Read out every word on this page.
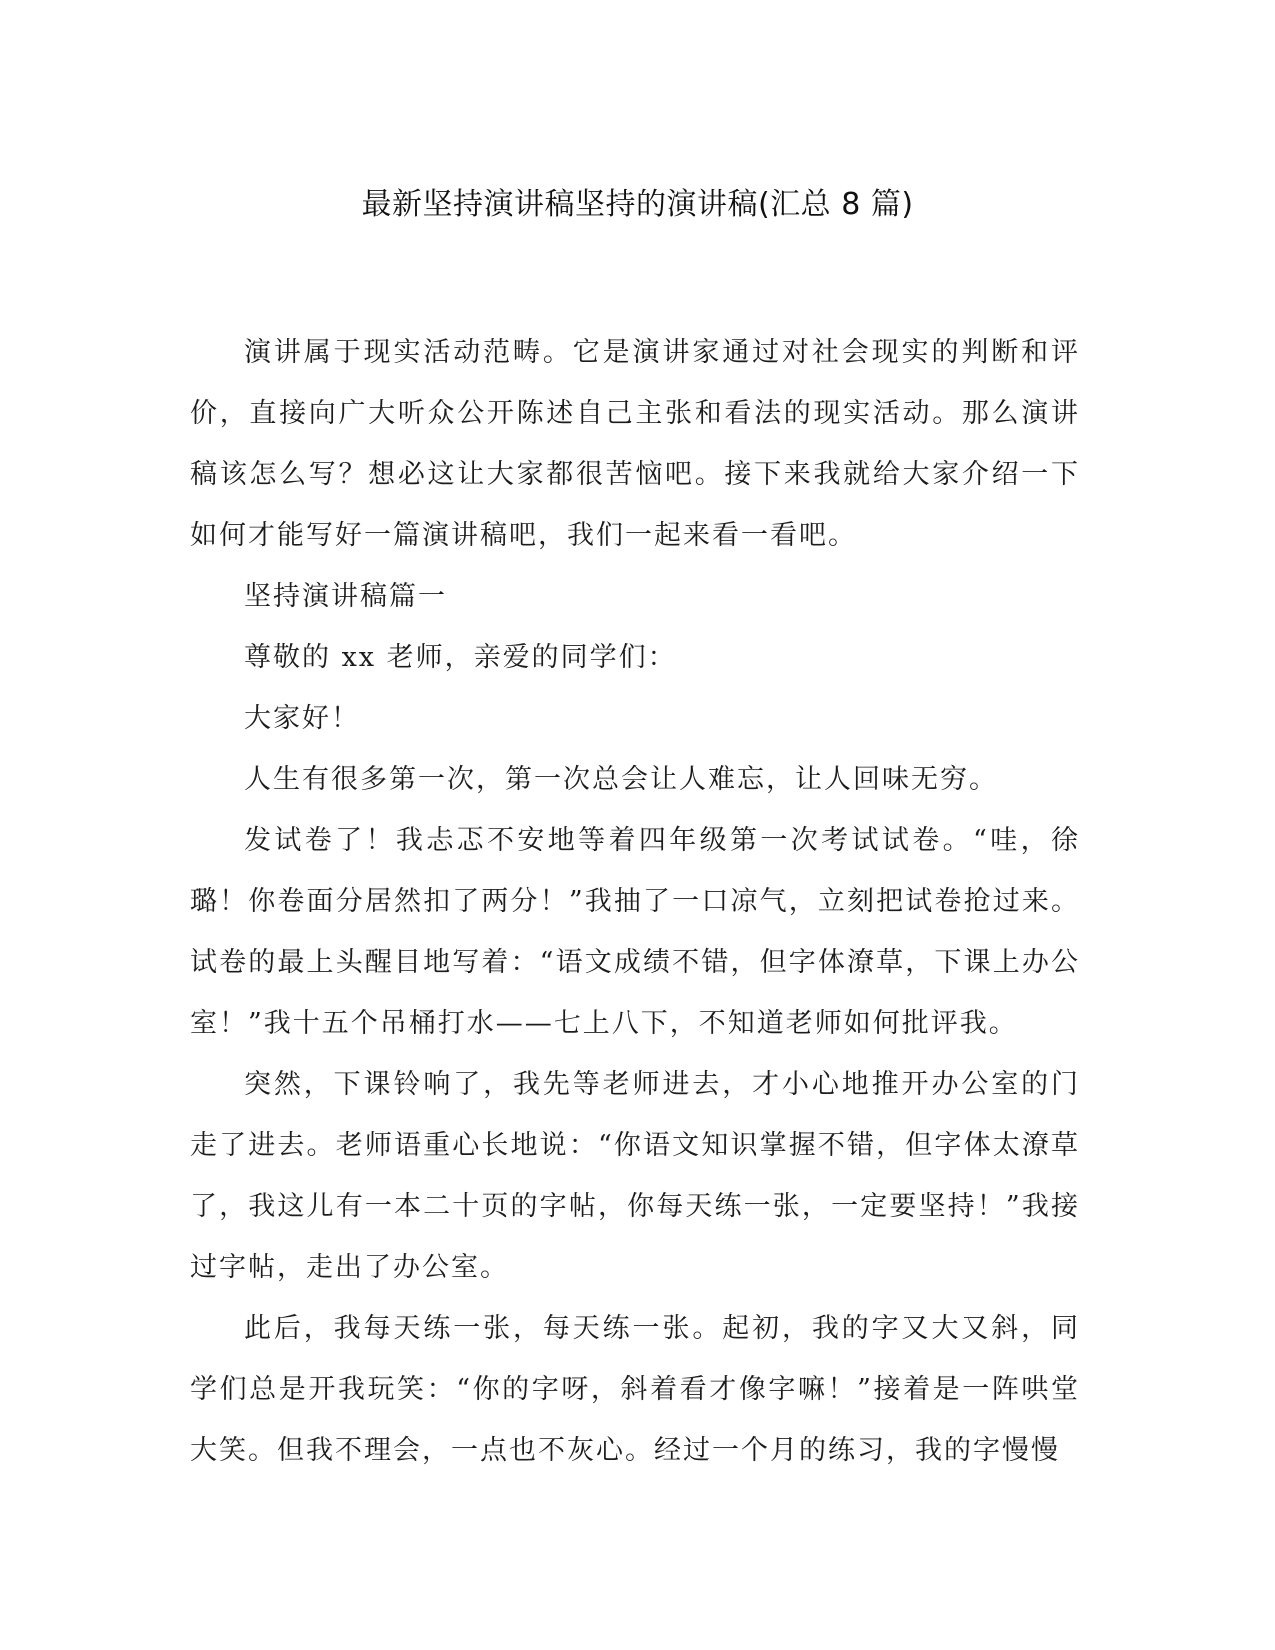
最新坚持演讲稿坚持的演讲稿(汇总 8 篇)

演讲属于现实活动范畴。它是演讲家通过对社会现实的判断和评价，直接向广大听众公开陈述自己主张和看法的现实活动。那么演讲稿该怎么写？想必这让大家都很苦恼吧。接下来我就给大家介绍一下如何才能写好一篇演讲稿吧，我们一起来看一看吧。

坚持演讲稿篇一

尊敬的 xx 老师，亲爱的同学们：

大家好！

人生有很多第一次，第一次总会让人难忘，让人回味无穷。

发试卷了！我忐忑不安地等着四年级第一次考试试卷。“哇，徐璐！你卷面分居然扣了两分！”我抽了一口凉气，立刻把试卷抢过来。试卷的最上头醒目地写着：“语文成绩不错，但字体潦草，下课上办公室！”我十五个吊桶打水——七上八下，不知道老师如何批评我。

突然，下课铃响了，我先等老师进去，才小心地推开办公室的门走了进去。老师语重心长地说：“你语文知识掌握不错，但字体太潦草了，我这儿有一本二十页的字帖，你每天练一张，一定要坚持！”我接过字帖，走出了办公室。

此后，我每天练一张，每天练一张。起初，我的字又大又斜，同学们总是开我玩笑：“你的字呀，斜着看才像字嘛！”接着是一阵哄堂大笑。但我不理会，一点也不灰心。经过一个月的练习，我的字慢慢
